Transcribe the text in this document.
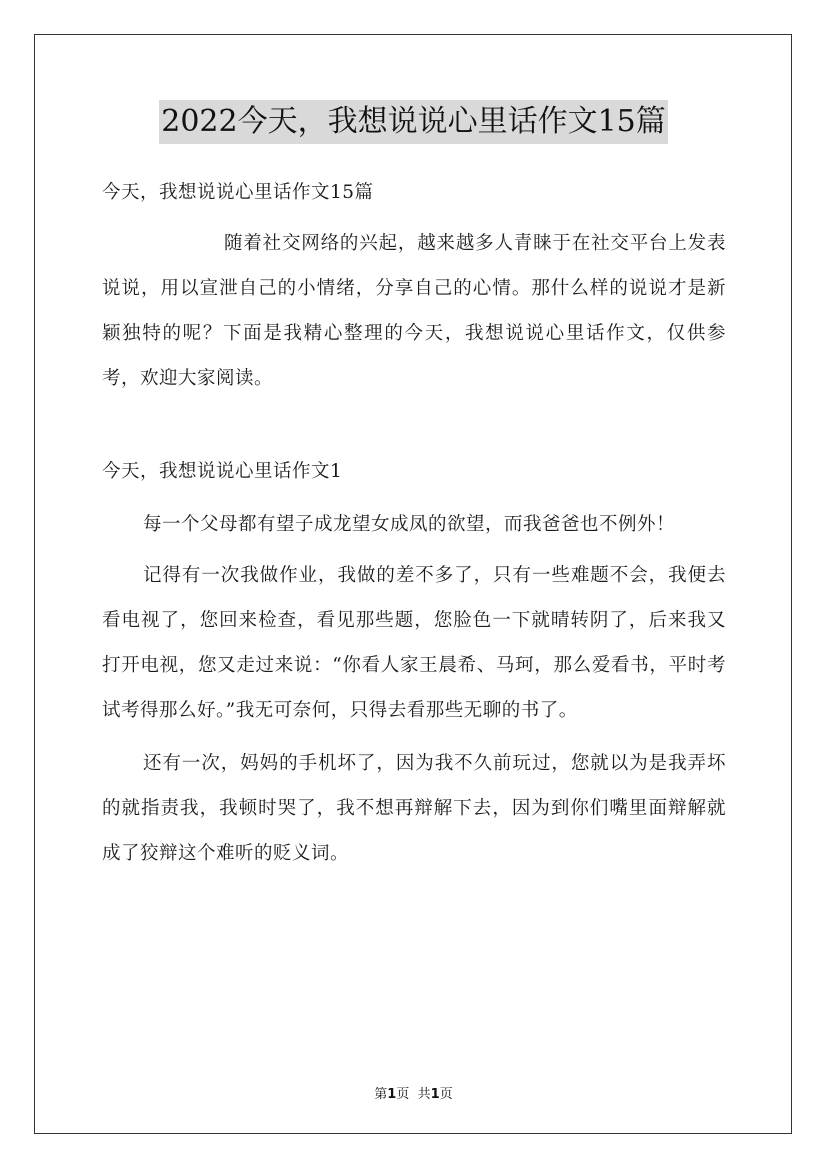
2022今天，我想说说心里话作文15篇

今天，我想说说心里话作文15篇

随着社交网络的兴起，越来越多人青睐于在社交平台上发表说说，用以宣泄自己的小情绪，分享自己的心情。那什么样的说说才是新颖独特的呢？下面是我精心整理的今天，我想说说心里话作文，仅供参考，欢迎大家阅读。

今天，我想说说心里话作文1

每一个父母都有望子成龙望女成凤的欲望，而我爸爸也不例外！

记得有一次我做作业，我做的差不多了，只有一些难题不会，我便去看电视了，您回来检查，看见那些题，您脸色一下就晴转阴了，后来我又打开电视，您又走过来说：“你看人家王晨希、马珂，那么爱看书，平时考试考得那么好。”我无可奈何，只得去看那些无聊的书了。

还有一次，妈妈的手机坏了，因为我不久前玩过，您就以为是我弄坏的就指责我，我顿时哭了，我不想再辩解下去，因为到你们嘴里面辩解就成了狡辩这个难听的贬义词。

第1页 共1页
